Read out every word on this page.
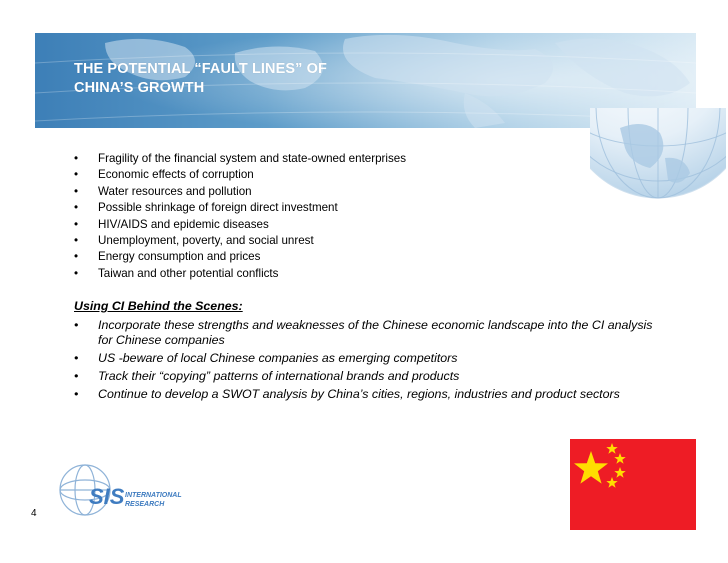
THE POTENTIAL “FAULT LINES” OF
CHINA’S GROWTH
• Fragility of the financial system and state-owned enterprises
• Economic effects of corruption
• Water resources and pollution
• Possible shrinkage of foreign direct investment
• HIV/AIDS and epidemic diseases
• Unemployment, poverty, and social unrest
• Energy consumption and prices
• Taiwan and other potential conflicts

Using CI Behind the Scenes:

• Incorporate these strengths and weaknesses of the Chinese economic landscape into the CI analysis for Chinese companies
• US -beware of local Chinese companies as emerging competitors
• Track their “copying” patterns of international brands and products
• Continue to develop a SWOT analysis by China’s cities, regions, industries and product sectors
SIS INTERNATIONAL
RESEARCH
4
